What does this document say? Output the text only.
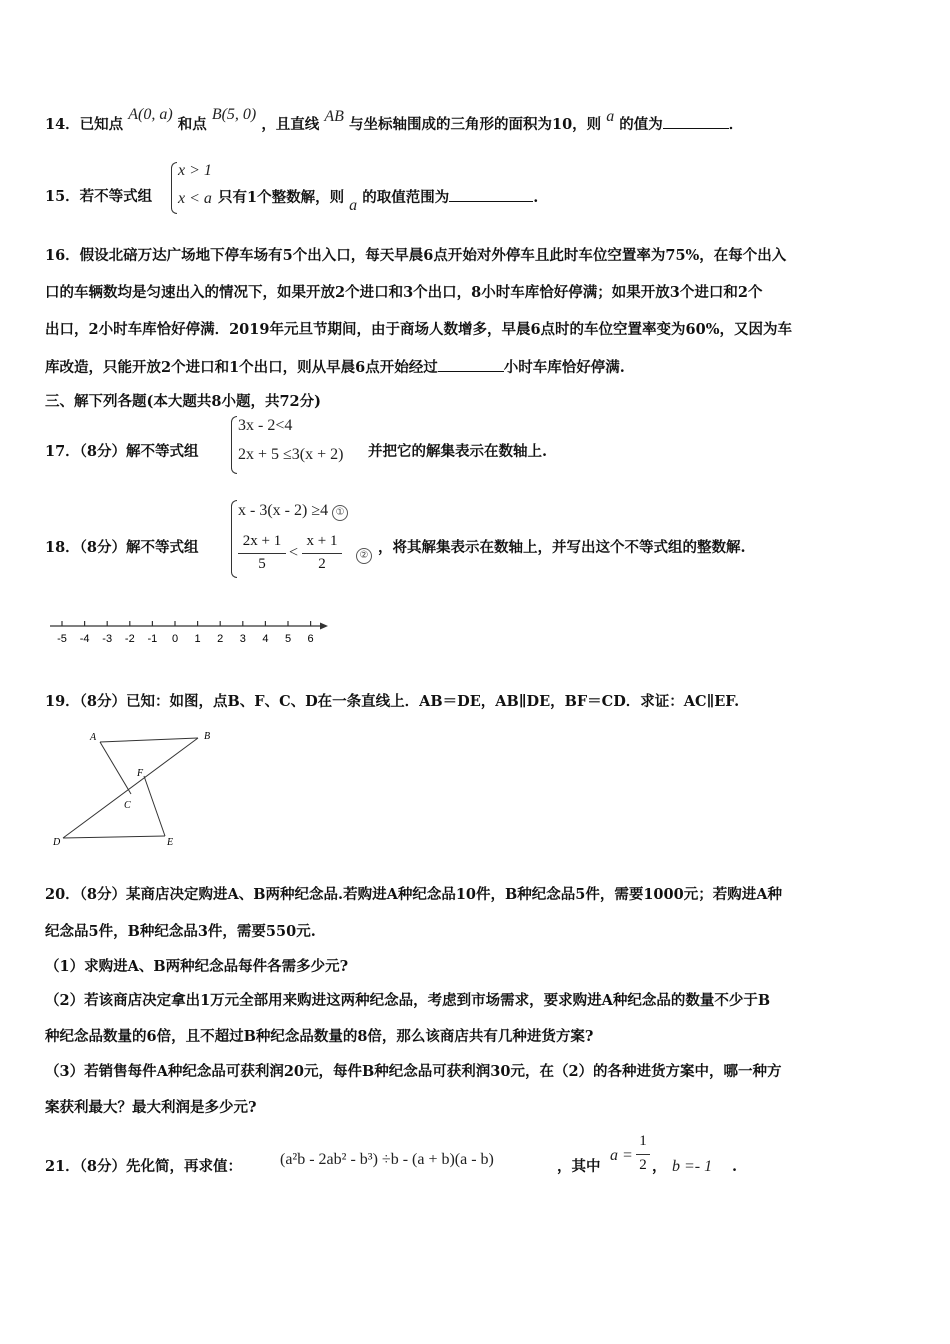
14．已知点 A(0, a) 和点 B(5, 0) ，且直线 AB 与坐标轴围成的三角形的面积为10，则 a 的值为	．
x > 1
x < a
15．若不等式组	只有1个整数解，则 a 的取值范围为	.
16．假设北碚万达广场地下停车场有5个出入口，每天早晨6点开始对外停车且此时车位空置率为75%，在每个出入
口的车辆数均是匀速出入的情况下，如果开放2个进口和3个出口，8小时车库恰好停满；如果开放3个进口和2个
出口，2小时车库恰好停满．2019年元旦节期间，由于商场人数增多，早晨6点时的车位空置率变为60%，又因为车
库改造，只能开放2个进口和1个出口，则从早晨6点开始经过	小时车库恰好停满.
三、解下列各题(本大题共8小题，共72分)
3x - 2<4
2x + 5 ≤3(x + 2)
17．（8分）解不等式组	并把它的解集表示在数轴上.
x - 3(x - 2) ≥4 ①
2x + 1
5
<
x + 1
2
②
18．（8分）解不等式组	，将其解集表示在数轴上，并写出这个不等式组的整数解.
-5 -4 -3 -2 -1 0 1 2 3 4 5 6
19．（8分）已知：如图，点B、F、C、D在一条直线上．AB＝DE，AB∥DE，BF＝CD．求证：AC∥EF.
A	B
F
C
D	E
20．（8分）某商店决定购进A、B两种纪念品.若购进A种纪念品10件，B种纪念品5件，需要1000元；若购进A种
纪念品5件，B种纪念品3件，需要550元.
（1）求购进A、B两种纪念品每件各需多少元?
（2）若该商店决定拿出1万元全部用来购进这两种纪念品，考虑到市场需求，要求购进A种纪念品的数量不少于B
种纪念品数量的6倍，且不超过B种纪念品数量的8倍，那么该商店共有几种进货方案?
（3）若销售每件A种纪念品可获利润20元，每件B种纪念品可获利润30元，在（2）的各种进货方案中，哪一种方
案获利最大？最大利润是多少元?
21．（8分）先化简，再求值： (a²b - 2ab² - b³) ÷b - (a + b)(a - b)	，其中
a =
1
2 ， b =- 1 .
